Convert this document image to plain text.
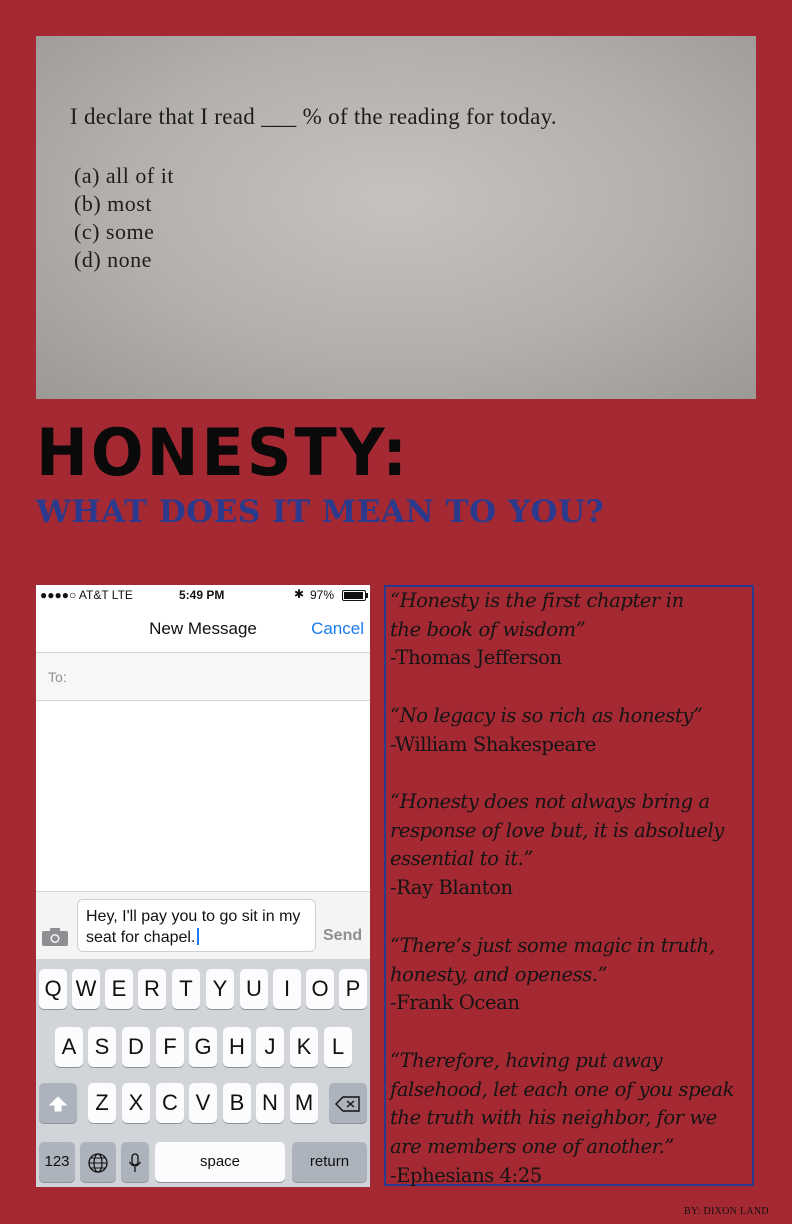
I declare that I read ___ % of the reading for today.
(a) all of it
(b) most
(c) some
(d) none
HONESTY:
WHAT DOES IT MEAN TO YOU?
●●●●○ AT&T LTE	5:49 PM	✱ 97%
New Message	Cancel
To:
Hey, I'll pay you to go sit in my seat for chapel.	Send
Q W E R T Y U	I O P
A S D F G H J K L
Z X C V B N M
123	space	return
“Honesty is the first chapter in the book of wisdom”
-Thomas Jefferson
“No legacy is so rich as honesty”
-William Shakespeare
“Honesty does not always bring a response of love but, it is absoluely essential to it.”
-Ray Blanton
“There’s just some magic in truth, honesty, and openess.”
-Frank Ocean
“Therefore, having put away falsehood, let each one of you speak the truth with his neighbor, for we are members one of another.”
-Ephesians 4:25
BY: DIXON LAND
